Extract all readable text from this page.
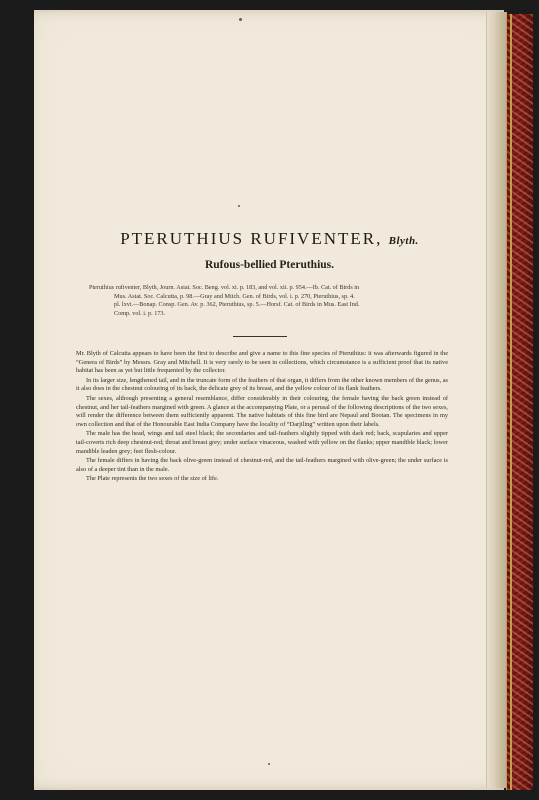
PTERUTHIUS RUFIVENTER, Blyth.
Rufous-bellied Pteruthius.
Pteruthius rufiventer, Blyth, Journ. Asiat. Soc. Beng. vol. xi. p. 183, and vol. xii. p. 954.—Ib. Cat. of Birds in
Mus. Asiat. Soc. Calcutta, p. 98.—Gray and Mitch. Gen. of Birds, vol. i. p. 270, Pteruthius, sp. 4.
pl. lxvi.—Bonap. Consp. Gen. Av. p. 362, Pteruthius, sp. 5.—Horsf. Cat. of Birds in Mus. East Ind.
Comp. vol. i. p. 173.

Mr. Blyth of Calcutta appears to have been the first to describe and give a name to this fine species of Pteruthius: it was afterwards figured in the “Genera of Birds” by Messrs. Gray and Mitchell. It is very rarely to be seen in collections, which circumstance is a sufficient proof that its native habitat has been as yet but little frequented by the collector.

In its larger size, lengthened tail, and in the truncate form of the feathers of that organ, it differs from the other known members of the genus, as it also does in the chestnut colouring of its back, the delicate grey of its breast, and the yellow colour of its flank feathers.

The sexes, although presenting a general resemblance, differ considerably in their colouring, the female having the back green instead of chestnut, and her tail-feathers margined with green. A glance at the accompanying Plate, or a perusal of the following descriptions of the two sexes, will render the difference between them sufficiently apparent. The native habitats of this fine bird are Nepaul and Bootan. The specimens in my own collection and that of the Honourable East India Company have the locality of “Darjiling” written upon their labels.

The male has the head, wings and tail steel black; the secondaries and tail-feathers slightly tipped with dark red; back, scapularies and upper tail-coverts rich deep chestnut-red; throat and breast grey; under surface vinaceous, washed with yellow on the flanks; upper mandible black; lower mandible leaden grey; feet flesh-colour.

The female differs in having the back olive-green instead of chestnut-red, and the tail-feathers margined with olive-green; the under surface is also of a deeper tint than in the male.

The Plate represents the two sexes of the size of life.
